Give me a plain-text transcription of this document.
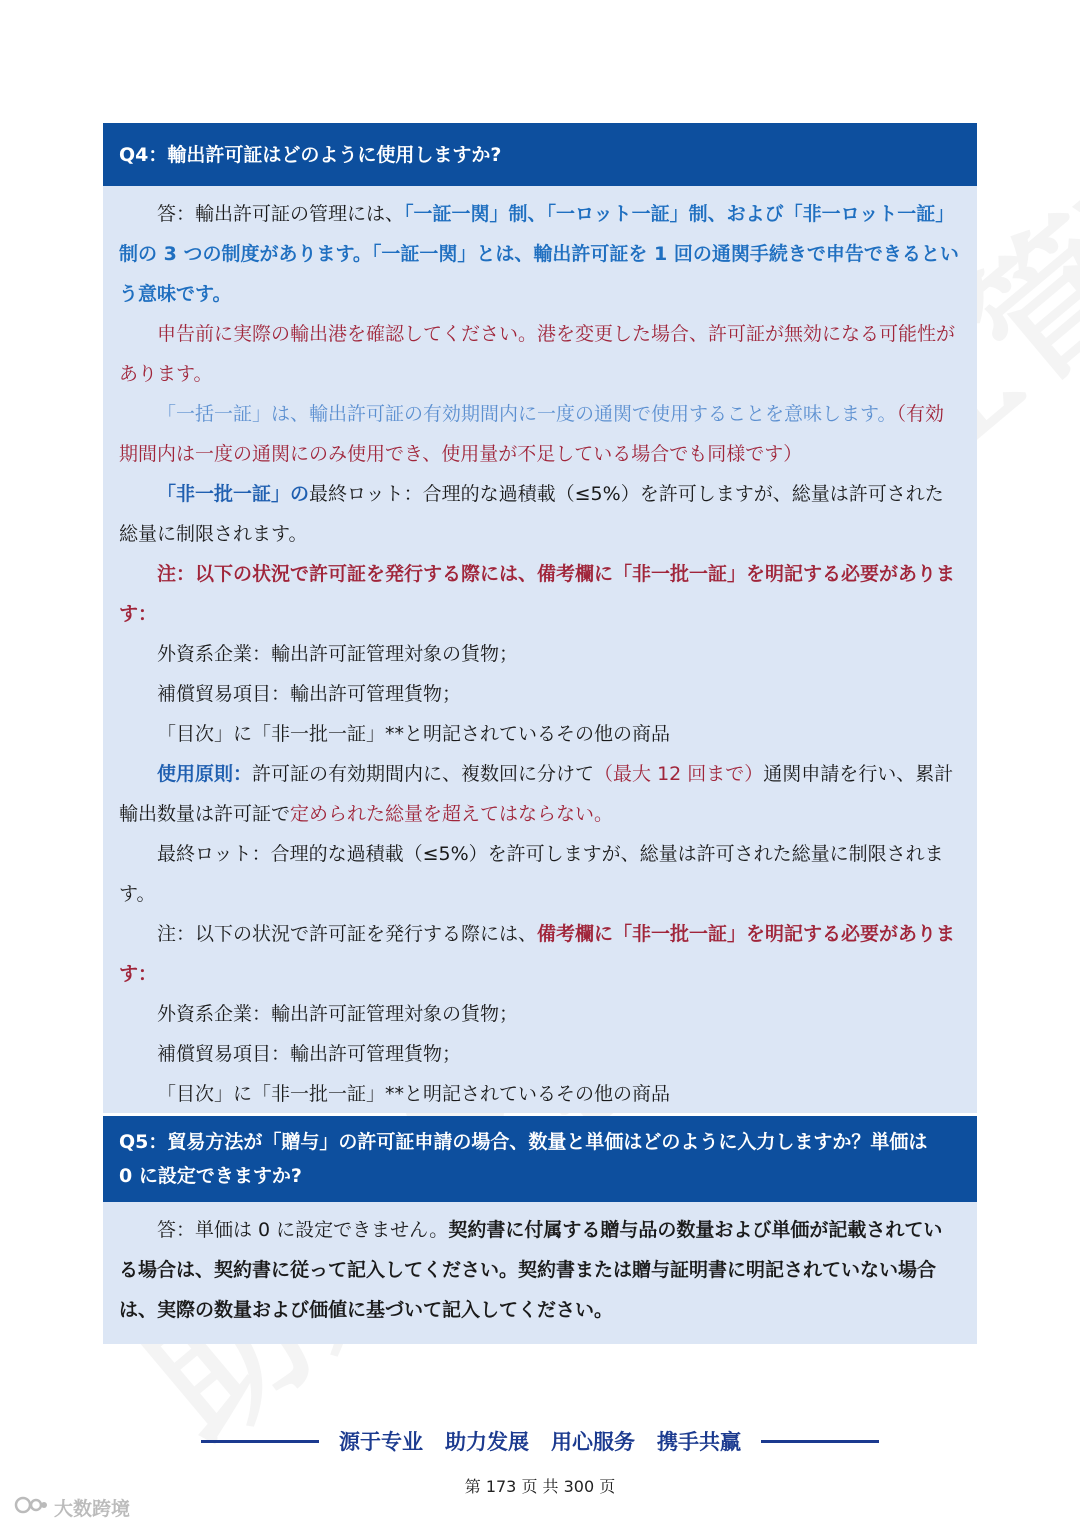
Q4：輸出許可証はどのように使用しますか?

答：輸出許可証の管理には、「一証一関」制、「一ロット一証」制、および「非一ロット一証」制の 3 つの制度があります。「一証一関」とは、輸出許可証を 1 回の通関手続きで申告できるという意味です。

申告前に実際の輸出港を確認してください。港を変更した場合、許可証が無効になる可能性があります。

「一括一証」は、輸出許可証の有効期間内に一度の通関で使用することを意味します。（有効期間内は一度の通関にのみ使用でき、使用量が不足している場合でも同様です）

「非一批一証」の最終ロット：合理的な過積載（≤5%）を許可しますが、総量は許可された総量に制限されます。

注：以下の状況で許可証を発行する際には、備考欄に「非一批一証」を明記する必要があります：

外資系企業：輸出許可証管理対象の貨物；

補償貿易項目：輸出許可管理貨物；

「目次」に「非一批一証」**と明記されているその他の商品

使用原則：許可証の有効期間内に、複数回に分けて（最大 12 回まで）通関申請を行い、累計輸出数量は許可証で定められた総量を超えてはならない。

最終ロット：合理的な過積載（≤5%）を許可しますが、総量は許可された総量に制限されます。

注：以下の状況で許可証を発行する際には、備考欄に「非一批一証」を明記する必要があります：

外資系企業：輸出許可証管理対象の貨物；

補償貿易項目：輸出許可管理貨物；

「目次」に「非一批一証」**と明記されているその他の商品

Q5：貿易方法が「贈与」の許可証申請の場合、数量と単価はどのように入力しますか？単価は
0 に設定できますか?

答：単価は 0 に設定できません。契約書に付属する贈与品の数量および単価が記載されている場合は、契約書に従って記入してください。契約書または贈与証明書に明記されていない場合は、実際の数量および価値に基づいて記入してください。

源于专业 助力发展 用心服务 携手共赢
第 173 页 共 300 页
大数跨境
